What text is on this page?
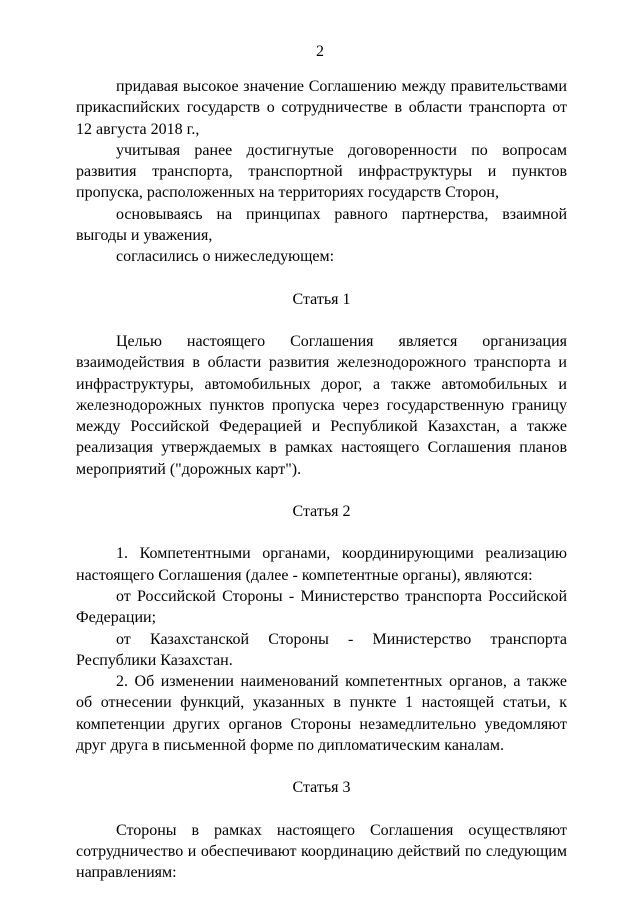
2

придавая высокое значение Соглашению между правительствами прикаспийских государств о сотрудничестве в области транспорта от 12 августа 2018 г.,

учитывая ранее достигнутые договоренности по вопросам развития транспорта, транспортной инфраструктуры и пунктов пропуска, расположенных на территориях государств Сторон,

основываясь на принципах равного партнерства, взаимной выгоды и уважения,

согласились о нижеследующем:

Статья 1

Целью настоящего Соглашения является организация взаимодействия в области развития железнодорожного транспорта и инфраструктуры, автомобильных дорог, а также автомобильных и железнодорожных пунктов пропуска через государственную границу между Российской Федерацией и Республикой Казахстан, а также реализация утверждаемых в рамках настоящего Соглашения планов мероприятий ("дорожных карт").

Статья 2

1. Компетентными органами, координирующими реализацию настоящего Соглашения (далее - компетентные органы), являются:

от Российской Стороны - Министерство транспорта Российской Федерации;

от Казахстанской Стороны - Министерство транспорта Республики Казахстан.

2. Об изменении наименований компетентных органов, а также об отнесении функций, указанных в пункте 1 настоящей статьи, к компетенции других органов Стороны незамедлительно уведомляют друг друга в письменной форме по дипломатическим каналам.

Статья 3

Стороны в рамках настоящего Соглашения осуществляют сотрудничество и обеспечивают координацию действий по следующим направлениям:
